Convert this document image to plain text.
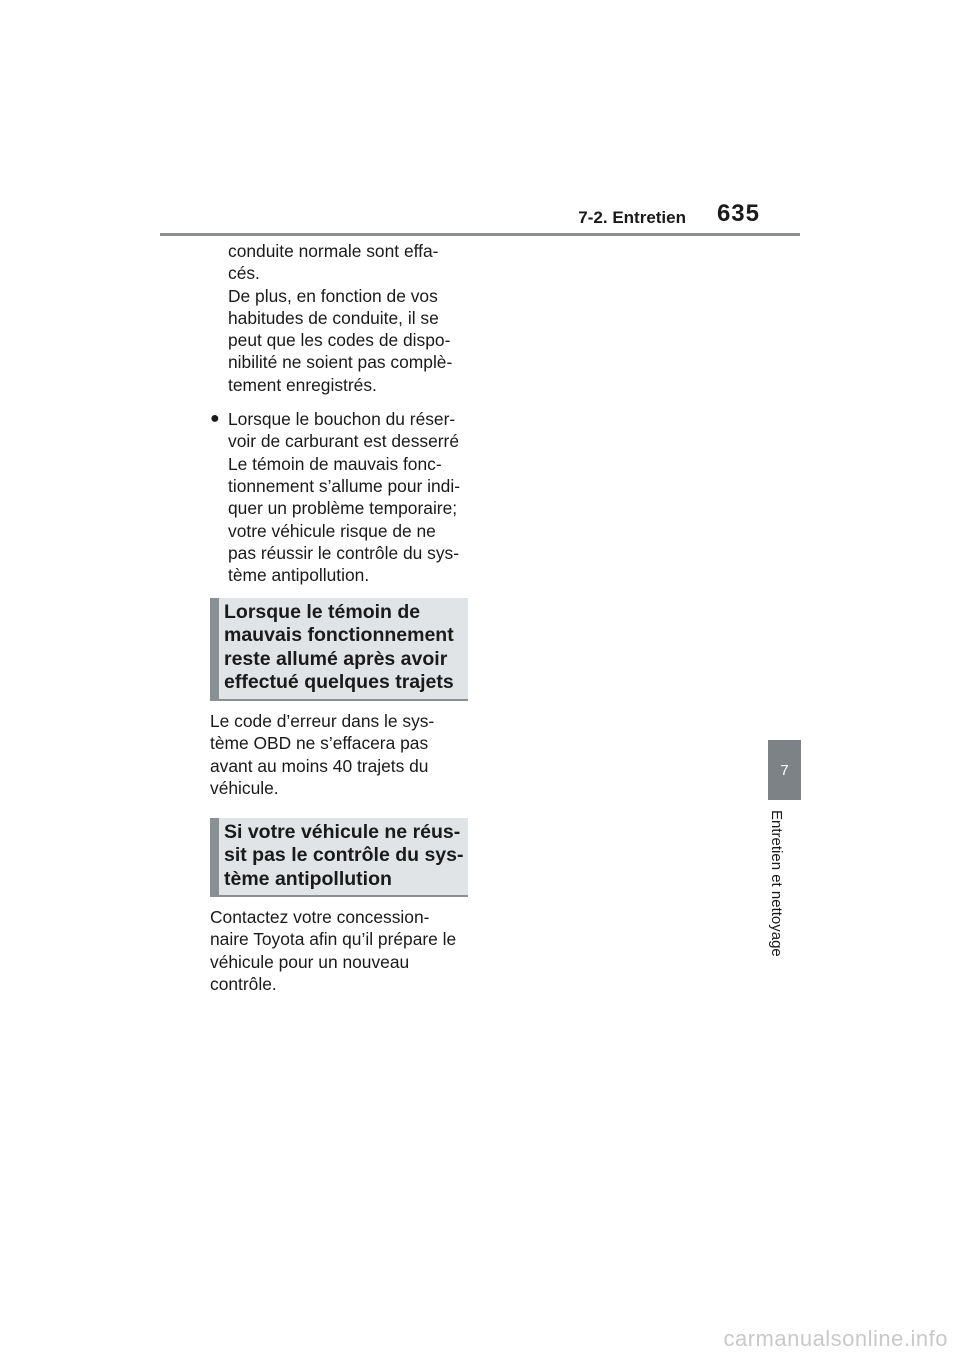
7-2. Entretien 635
conduite normale sont effa-
cés.
De plus, en fonction de vos
habitudes de conduite, il se
peut que les codes de dispo-
nibilité ne soient pas complè-
tement enregistrés.
● Lorsque le bouchon du réser-
voir de carburant est desserré
Le témoin de mauvais fonc-
tionnement s’allume pour indi-
quer un problème temporaire;
votre véhicule risque de ne
pas réussir le contrôle du sys-
tème antipollution.
Lorsque le témoin de
mauvais fonctionnement
reste allumé après avoir
effectué quelques trajets
Le code d’erreur dans le sys-
tème OBD ne s’effacera pas
avant au moins 40 trajets du
véhicule.
Si votre véhicule ne réus-
sit pas le contrôle du sys-
tème antipollution
Contactez votre concession-
naire Toyota afin qu’il prépare le
véhicule pour un nouveau
contrôle.
7
Entretien et nettoyage
carmanualsonline.info
